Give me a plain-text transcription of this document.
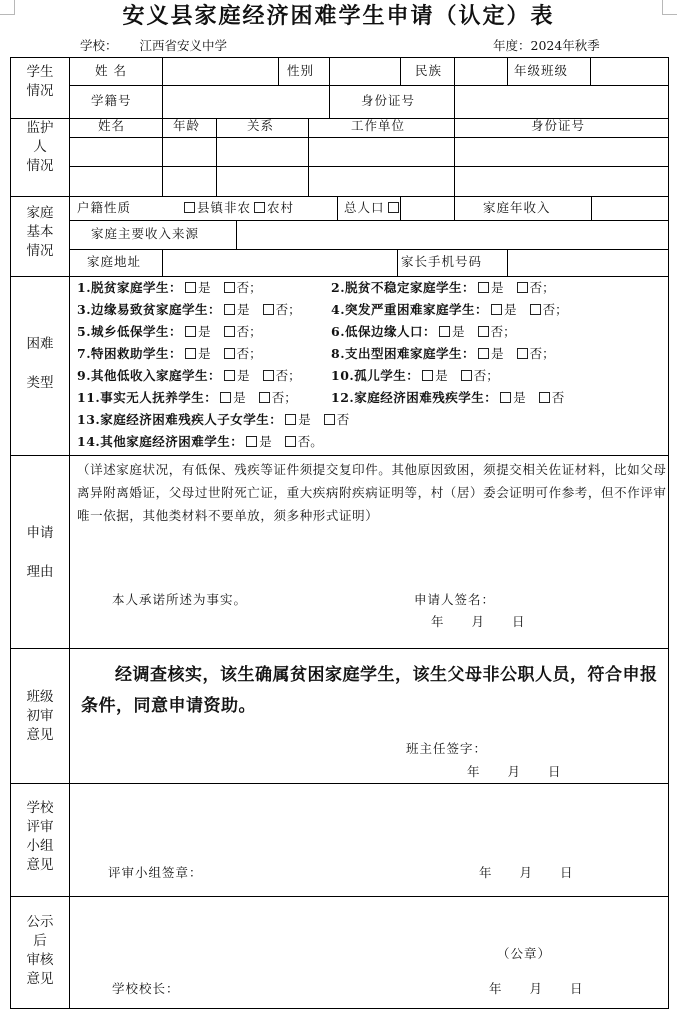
安义县家庭经济困难学生申请（认定）表
学校： 江西省安义中学	年度：2024年秋季
学生
情况
姓 名	性别	民族	年级班级
学籍号	身份证号
监护
人
情况
姓名	年龄	关系	工作单位	身份证号
家庭
基本
情况
户籍性质	县镇非农 农村	总人口	家庭年收入
家庭主要收入来源
家庭地址	家长手机号码
困难
类型
1.脱贫家庭学生： 是 否；	2.脱贫不稳定家庭学生： 是 否；
3.边缘易致贫家庭学生： 是 否； 4.突发严重困难家庭学生： 是 否；
5.城乡低保学生： 是 否；	6.低保边缘人口： 是 否；
7.特困救助学生： 是 否；	8.支出型困难家庭学生： 是 否；
9.其他低收入家庭学生： 是 否； 10.孤儿学生： 是 否；
11.事实无人抚养学生： 是 否；	12.家庭经济困难残疾学生： 是 否
13.家庭经济困难残疾人子女学生： 是 否
14.其他家庭经济困难学生： 是 否。
申请
理由
（详述家庭状况，有低保、残疾等证件须提交复印件。其他原因致困，须提交相关佐证材料，比如父母离异附离婚证，父母过世附死亡证，重大疾病附疾病证明等，村（居）委会证明可作参考，但不作评审唯一依据，其他类材料不要单放，须多种形式证明）
本人承诺所述为事实。	申请人签名：
年　　月　　日
班级
初审
意见
经调查核实，该生确属贫困家庭学生，该生父母非公职人员，符合申报条件，同意申请资助。
班主任签字：
年　　月　　日
学校
评审
小组
意见	评审小组签章：	年　　月　　日
公示
后
审核
意见
（公章）
学校校长：	年　　月　　日
